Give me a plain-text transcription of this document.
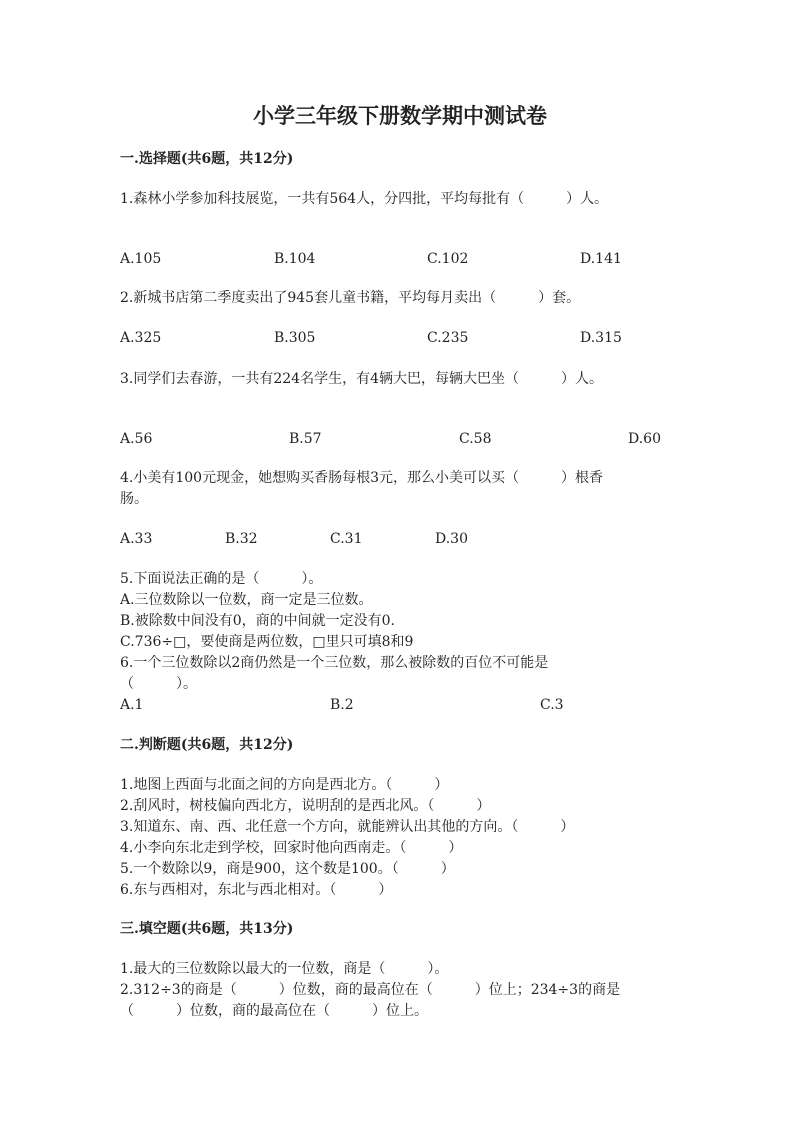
小学三年级下册数学期中测试卷
一.选择题(共6题，共12分)
1.森林小学参加科技展览，一共有564人，分四批，平均每批有（　　　）人。
A.105	B.104	C.102	D.141
2.新城书店第二季度卖出了945套儿童书籍，平均每月卖出（　　　）套。
A.325	B.305	C.235	D.315
3.同学们去春游，一共有224名学生，有4辆大巴，每辆大巴坐（　　　）人。
A.56	B.57	C.58	D.60
4.小美有100元现金，她想购买香肠每根3元，那么小美可以买（　　　）根香
肠。
A.33	B.32	C.31	D.30
5.下面说法正确的是（　　　）。
A.三位数除以一位数，商一定是三位数。
B.被除数中间没有0，商的中间就一定没有0.
C.736÷□，要使商是两位数，□里只可填8和9
6.一个三位数除以2商仍然是一个三位数，那么被除数的百位不可能是
（　　　）。
A.1	B.2	C.3
二.判断题(共6题，共12分)
1.地图上西面与北面之间的方向是西北方。（　　　）
2.刮风时，树枝偏向西北方，说明刮的是西北风。（　　　）
3.知道东、南、西、北任意一个方向，就能辨认出其他的方向。（　　　）
4.小李向东北走到学校，回家时他向西南走。（　　　）
5.一个数除以9，商是900，这个数是100。（　　　）
6.东与西相对，东北与西北相对。（　　　）
三.填空题(共6题，共13分)
1.最大的三位数除以最大的一位数，商是（　　　）。
2.312÷3的商是（　　　）位数，商的最高位在（　　　）位上；234÷3的商是
（　　　）位数，商的最高位在（　　　）位上。
